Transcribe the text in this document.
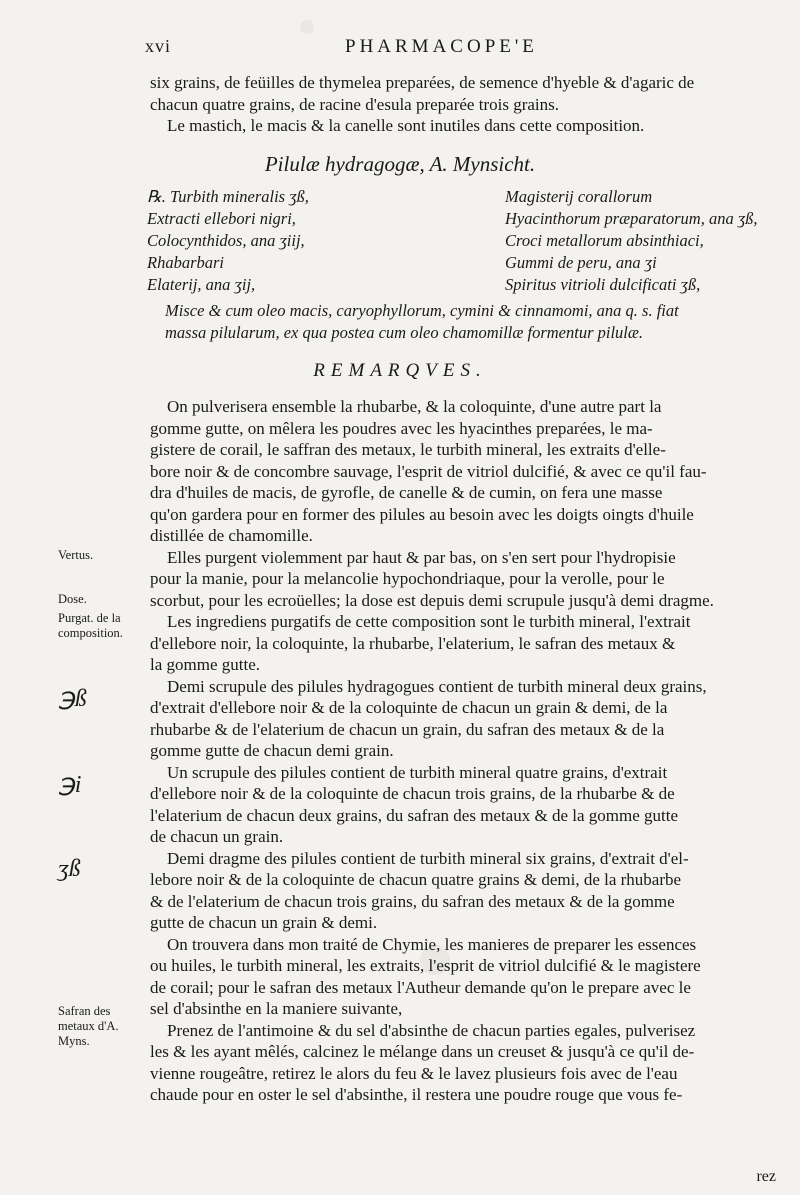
xvi	PHARMACOPE'E
six grains, de feüilles de thymelea preparées, de semence d'hyeble & d'agaric de
chacun quatre grains, de racine d'esula preparée trois grains.
Le mastich, le macis & la canelle sont inutiles dans cette composition.
Pilulæ hydragogæ, A. Mynsicht.
℞. Turbith mineralis ʒß,
Extracti ellebori nigri,
Colocynthidos, ana ʒiij,
Rhabarbari
Elaterij, ana ʒij,
Magisterij corallorum
Hyacinthorum præparatorum, ana ʒß,
Croci metallorum absinthiaci,
Gummi de peru, ana ʒi
Spiritus vitrioli dulcificati ʒß,
Misce & cum oleo macis, caryophyllorum, cymini & cinnamomi, ana q. s. fiat
massa pilularum, ex qua postea cum oleo chamomillæ formentur pilulæ.
REMARQVES.
On pulverisera ensemble la rhubarbe, & la coloquinte, d'une autre part la
gomme gutte, on mêlera les poudres avec les hyacinthes preparées, le ma-
gistere de corail, le saffran des metaux, le turbith mineral, les extraits d'elle-
bore noir & de concombre sauvage, l'esprit de vitriol dulcifié, & avec ce qu'il fau-
dra d'huiles de macis, de gyrofle, de canelle & de cumin, on fera une masse
qu'on gardera pour en former des pilules au besoin avec les doigts oingts d'huile
distillée de chamomille.
Elles purgent violemment par haut & par bas, on s'en sert pour l'hydropisie
pour la manie, pour la melancolie hypochondriaque, pour la verolle, pour le
scorbut, pour les ecroüelles; la dose est depuis demi scrupule jusqu'à demi dragme.
Les ingrediens purgatifs de cette composition sont le turbith mineral, l'extrait
d'ellebore noir, la coloquinte, la rhubarbe, l'elaterium, le safran des metaux &
la gomme gutte.
Demi scrupule des pilules hydragogues contient de turbith mineral deux grains,
d'extrait d'ellebore noir & de la coloquinte de chacun un grain & demi, de la
rhubarbe & de l'elaterium de chacun un grain, du safran des metaux & de la
gomme gutte de chacun demi grain.
Un scrupule des pilules contient de turbith mineral quatre grains, d'extrait
d'ellebore noir & de la coloquinte de chacun trois grains, de la rhubarbe & de
l'elaterium de chacun deux grains, du safran des metaux & de la gomme gutte
de chacun un grain.
Demi dragme des pilules contient de turbith mineral six grains, d'extrait d'el-
lebore noir & de la coloquinte de chacun quatre grains & demi, de la rhubarbe
& de l'elaterium de chacun trois grains, du safran des metaux & de la gomme
gutte de chacun un grain & demi.
On trouvera dans mon traité de Chymie, les manieres de preparer les essences
ou huiles, le turbith mineral, les extraits, l'esprit de vitriol dulcifié & le magistere
de corail; pour le safran des metaux l'Autheur demande qu'on le prepare avec le
sel d'absinthe en la maniere suivante,
Prenez de l'antimoine & du sel d'absinthe de chacun parties egales, pulverisez
les & les ayant mêlés, calcinez le mélange dans un creuset & jusqu'à ce qu'il de-
vienne rougeâtre, retirez le alors du feu & le lavez plusieurs fois avec de l'eau
chaude pour en oster le sel d'absinthe, il restera une poudre rouge que vous fe-
Vertus.
Dose.
Purgat. de la composition.
℈ß
℈i
ʒß
Safran des metaux d'A. Myns.
rez
